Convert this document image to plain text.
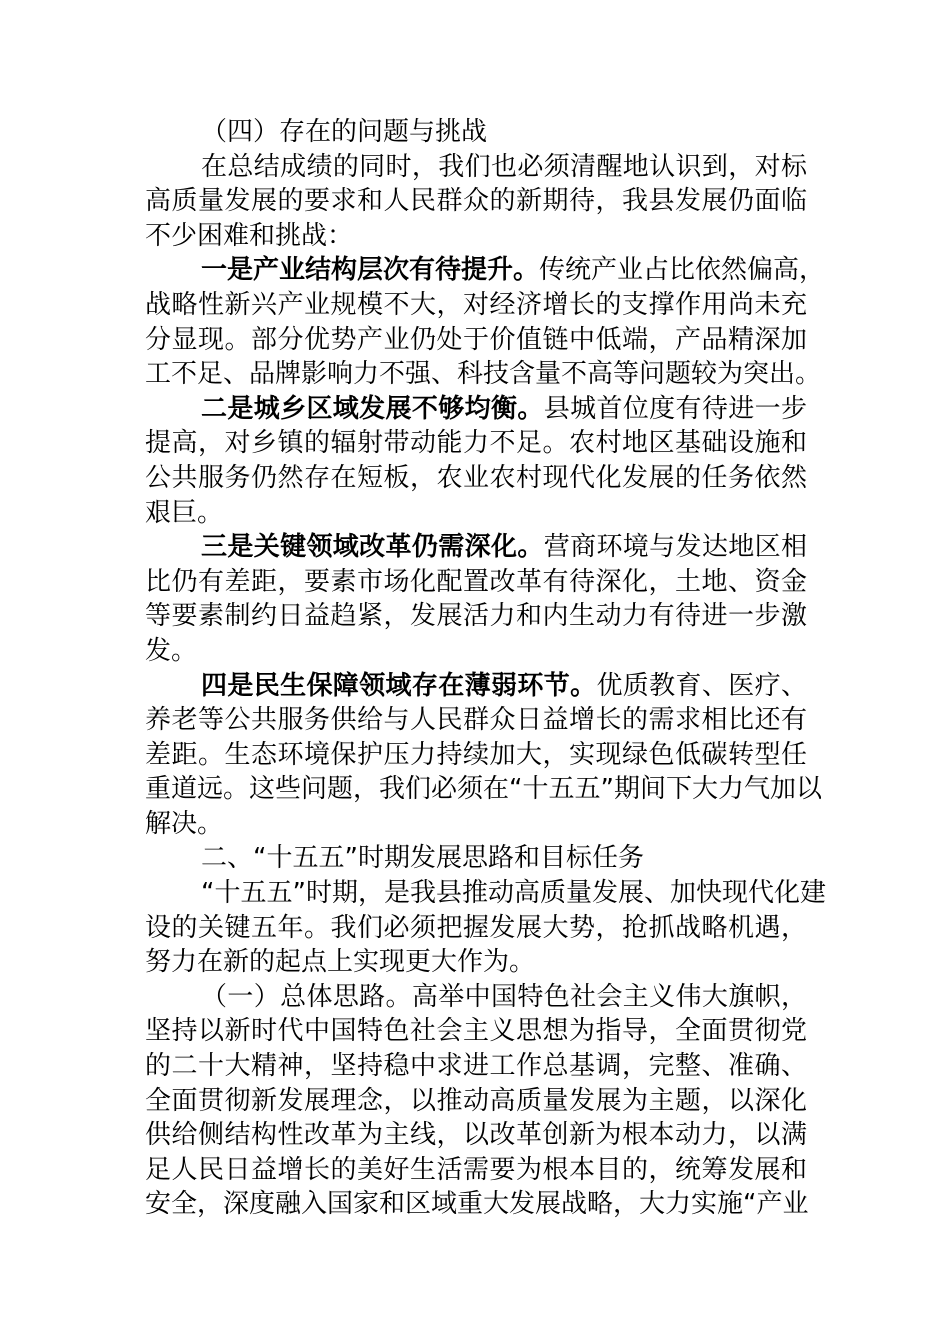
（四）存在的问题与挑战
在总结成绩的同时，我们也必须清醒地认识到，对标
高质量发展的要求和人民群众的新期待，我县发展仍面临
不少困难和挑战：
一是产业结构层次有待提升。传统产业占比依然偏高，
战略性新兴产业规模不大，对经济增长的支撑作用尚未充
分显现。部分优势产业仍处于价值链中低端，产品精深加
工不足、品牌影响力不强、科技含量不高等问题较为突出。
二是城乡区域发展不够均衡。县城首位度有待进一步
提高，对乡镇的辐射带动能力不足。农村地区基础设施和
公共服务仍然存在短板，农业农村现代化发展的任务依然
艰巨。
三是关键领域改革仍需深化。营商环境与发达地区相
比仍有差距，要素市场化配置改革有待深化，土地、资金
等要素制约日益趋紧，发展活力和内生动力有待进一步激
发。
四是民生保障领域存在薄弱环节。优质教育、医疗、
养老等公共服务供给与人民群众日益增长的需求相比还有
差距。生态环境保护压力持续加大，实现绿色低碳转型任
重道远。这些问题，我们必须在“十五五”期间下大力气加以
解决。
二、“十五五”时期发展思路和目标任务
“十五五”时期，是我县推动高质量发展、加快现代化建
设的关键五年。我们必须把握发展大势，抢抓战略机遇，
努力在新的起点上实现更大作为。
（一）总体思路。高举中国特色社会主义伟大旗帜，
坚持以新时代中国特色社会主义思想为指导，全面贯彻党
的二十大精神，坚持稳中求进工作总基调，完整、准确、
全面贯彻新发展理念，以推动高质量发展为主题，以深化
供给侧结构性改革为主线，以改革创新为根本动力，以满
足人民日益增长的美好生活需要为根本目的，统筹发展和
安全，深度融入国家和区域重大发展战略，大力实施“产业
